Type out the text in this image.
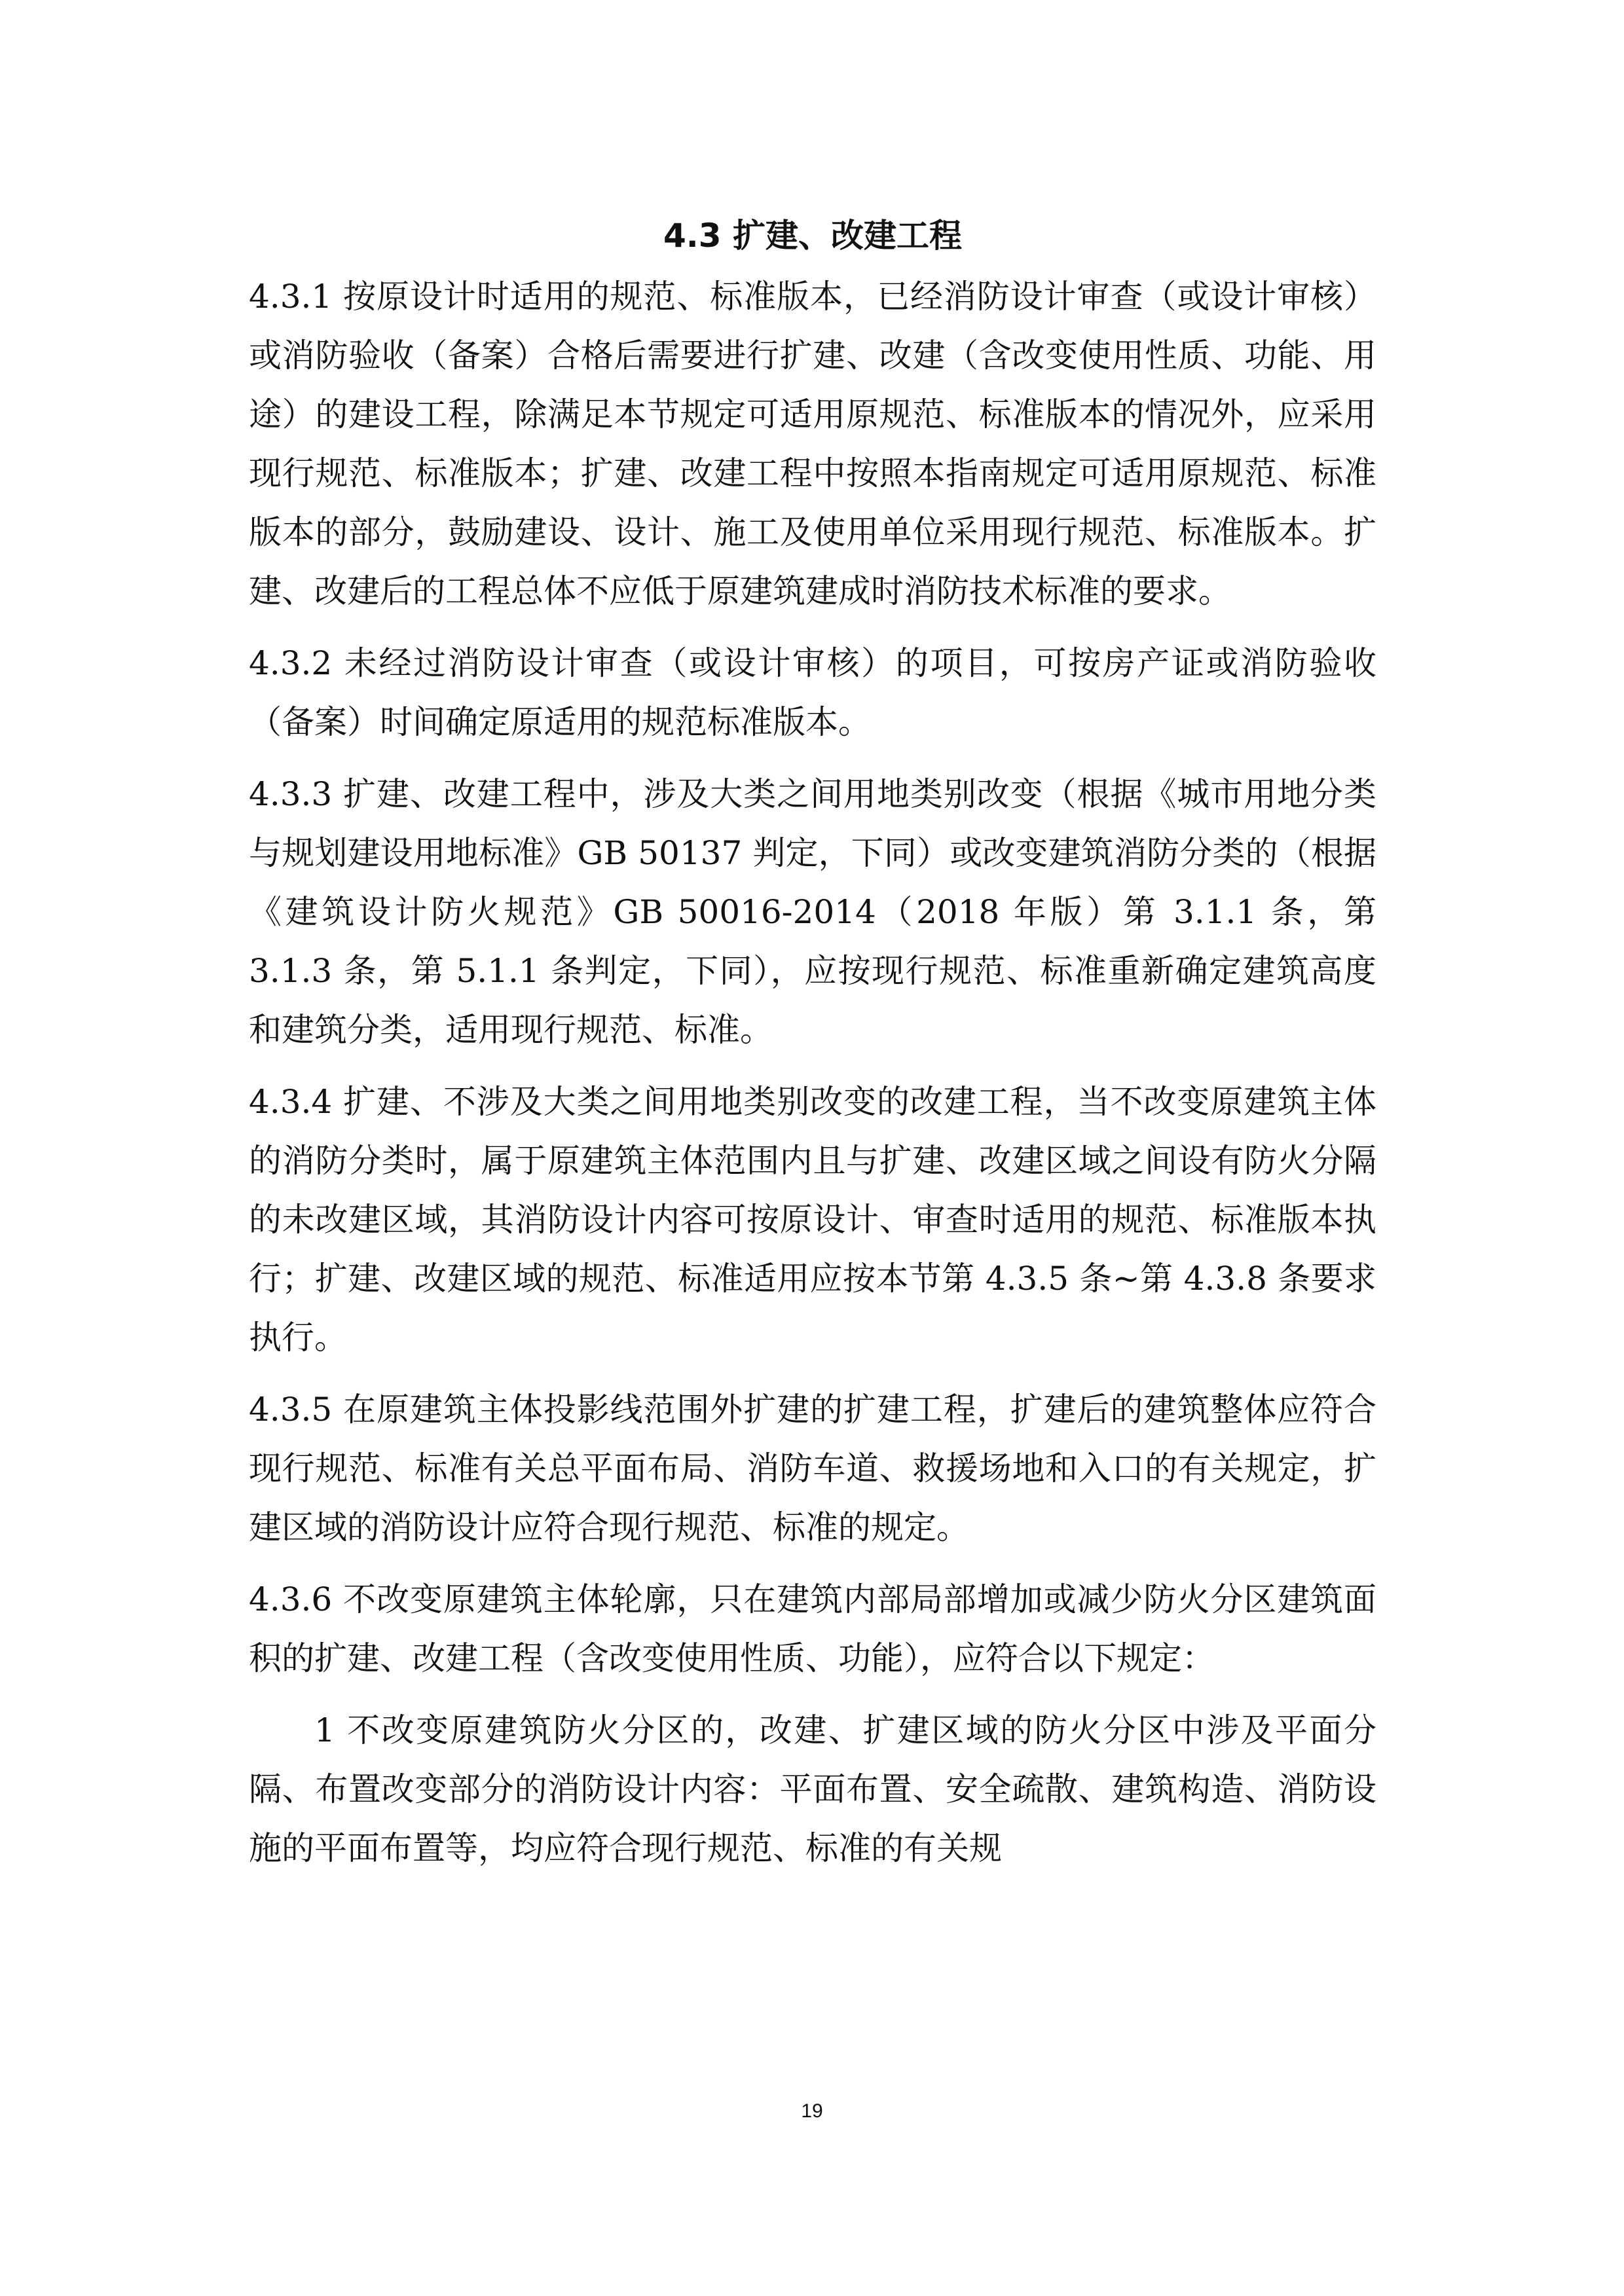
4.3 扩建、改建工程

4.3.1 按原设计时适用的规范、标准版本，已经消防设计审查（或设计审核）或消防验收（备案）合格后需要进行扩建、改建（含改变使用性质、功能、用途）的建设工程，除满足本节规定可适用原规范、标准版本的情况外，应采用现行规范、标准版本；扩建、改建工程中按照本指南规定可适用原规范、标准版本的部分，鼓励建设、设计、施工及使用单位采用现行规范、标准版本。扩建、改建后的工程总体不应低于原建筑建成时消防技术标准的要求。

4.3.2 未经过消防设计审查（或设计审核）的项目，可按房产证或消防验收（备案）时间确定原适用的规范标准版本。

4.3.3 扩建、改建工程中，涉及大类之间用地类别改变（根据《城市用地分类与规划建设用地标准》GB 50137 判定，下同）或改变建筑消防分类的（根据《建筑设计防火规范》GB 50016-2014（2018 年版）第 3.1.1 条，第 3.1.3 条，第 5.1.1 条判定，下同），应按现行规范、标准重新确定建筑高度和建筑分类，适用现行规范、标准。

4.3.4 扩建、不涉及大类之间用地类别改变的改建工程，当不改变原建筑主体的消防分类时，属于原建筑主体范围内且与扩建、改建区域之间设有防火分隔的未改建区域，其消防设计内容可按原设计、审查时适用的规范、标准版本执行；扩建、改建区域的规范、标准适用应按本节第 4.3.5 条~第 4.3.8 条要求执行。

4.3.5 在原建筑主体投影线范围外扩建的扩建工程，扩建后的建筑整体应符合现行规范、标准有关总平面布局、消防车道、救援场地和入口的有关规定，扩建区域的消防设计应符合现行规范、标准的规定。

4.3.6 不改变原建筑主体轮廓，只在建筑内部局部增加或减少防火分区建筑面积的扩建、改建工程（含改变使用性质、功能），应符合以下规定：

1 不改变原建筑防火分区的，改建、扩建区域的防火分区中涉及平面分隔、布置改变部分的消防设计内容：平面布置、安全疏散、建筑构造、消防设施的平面布置等，均应符合现行规范、标准的有关规

19
